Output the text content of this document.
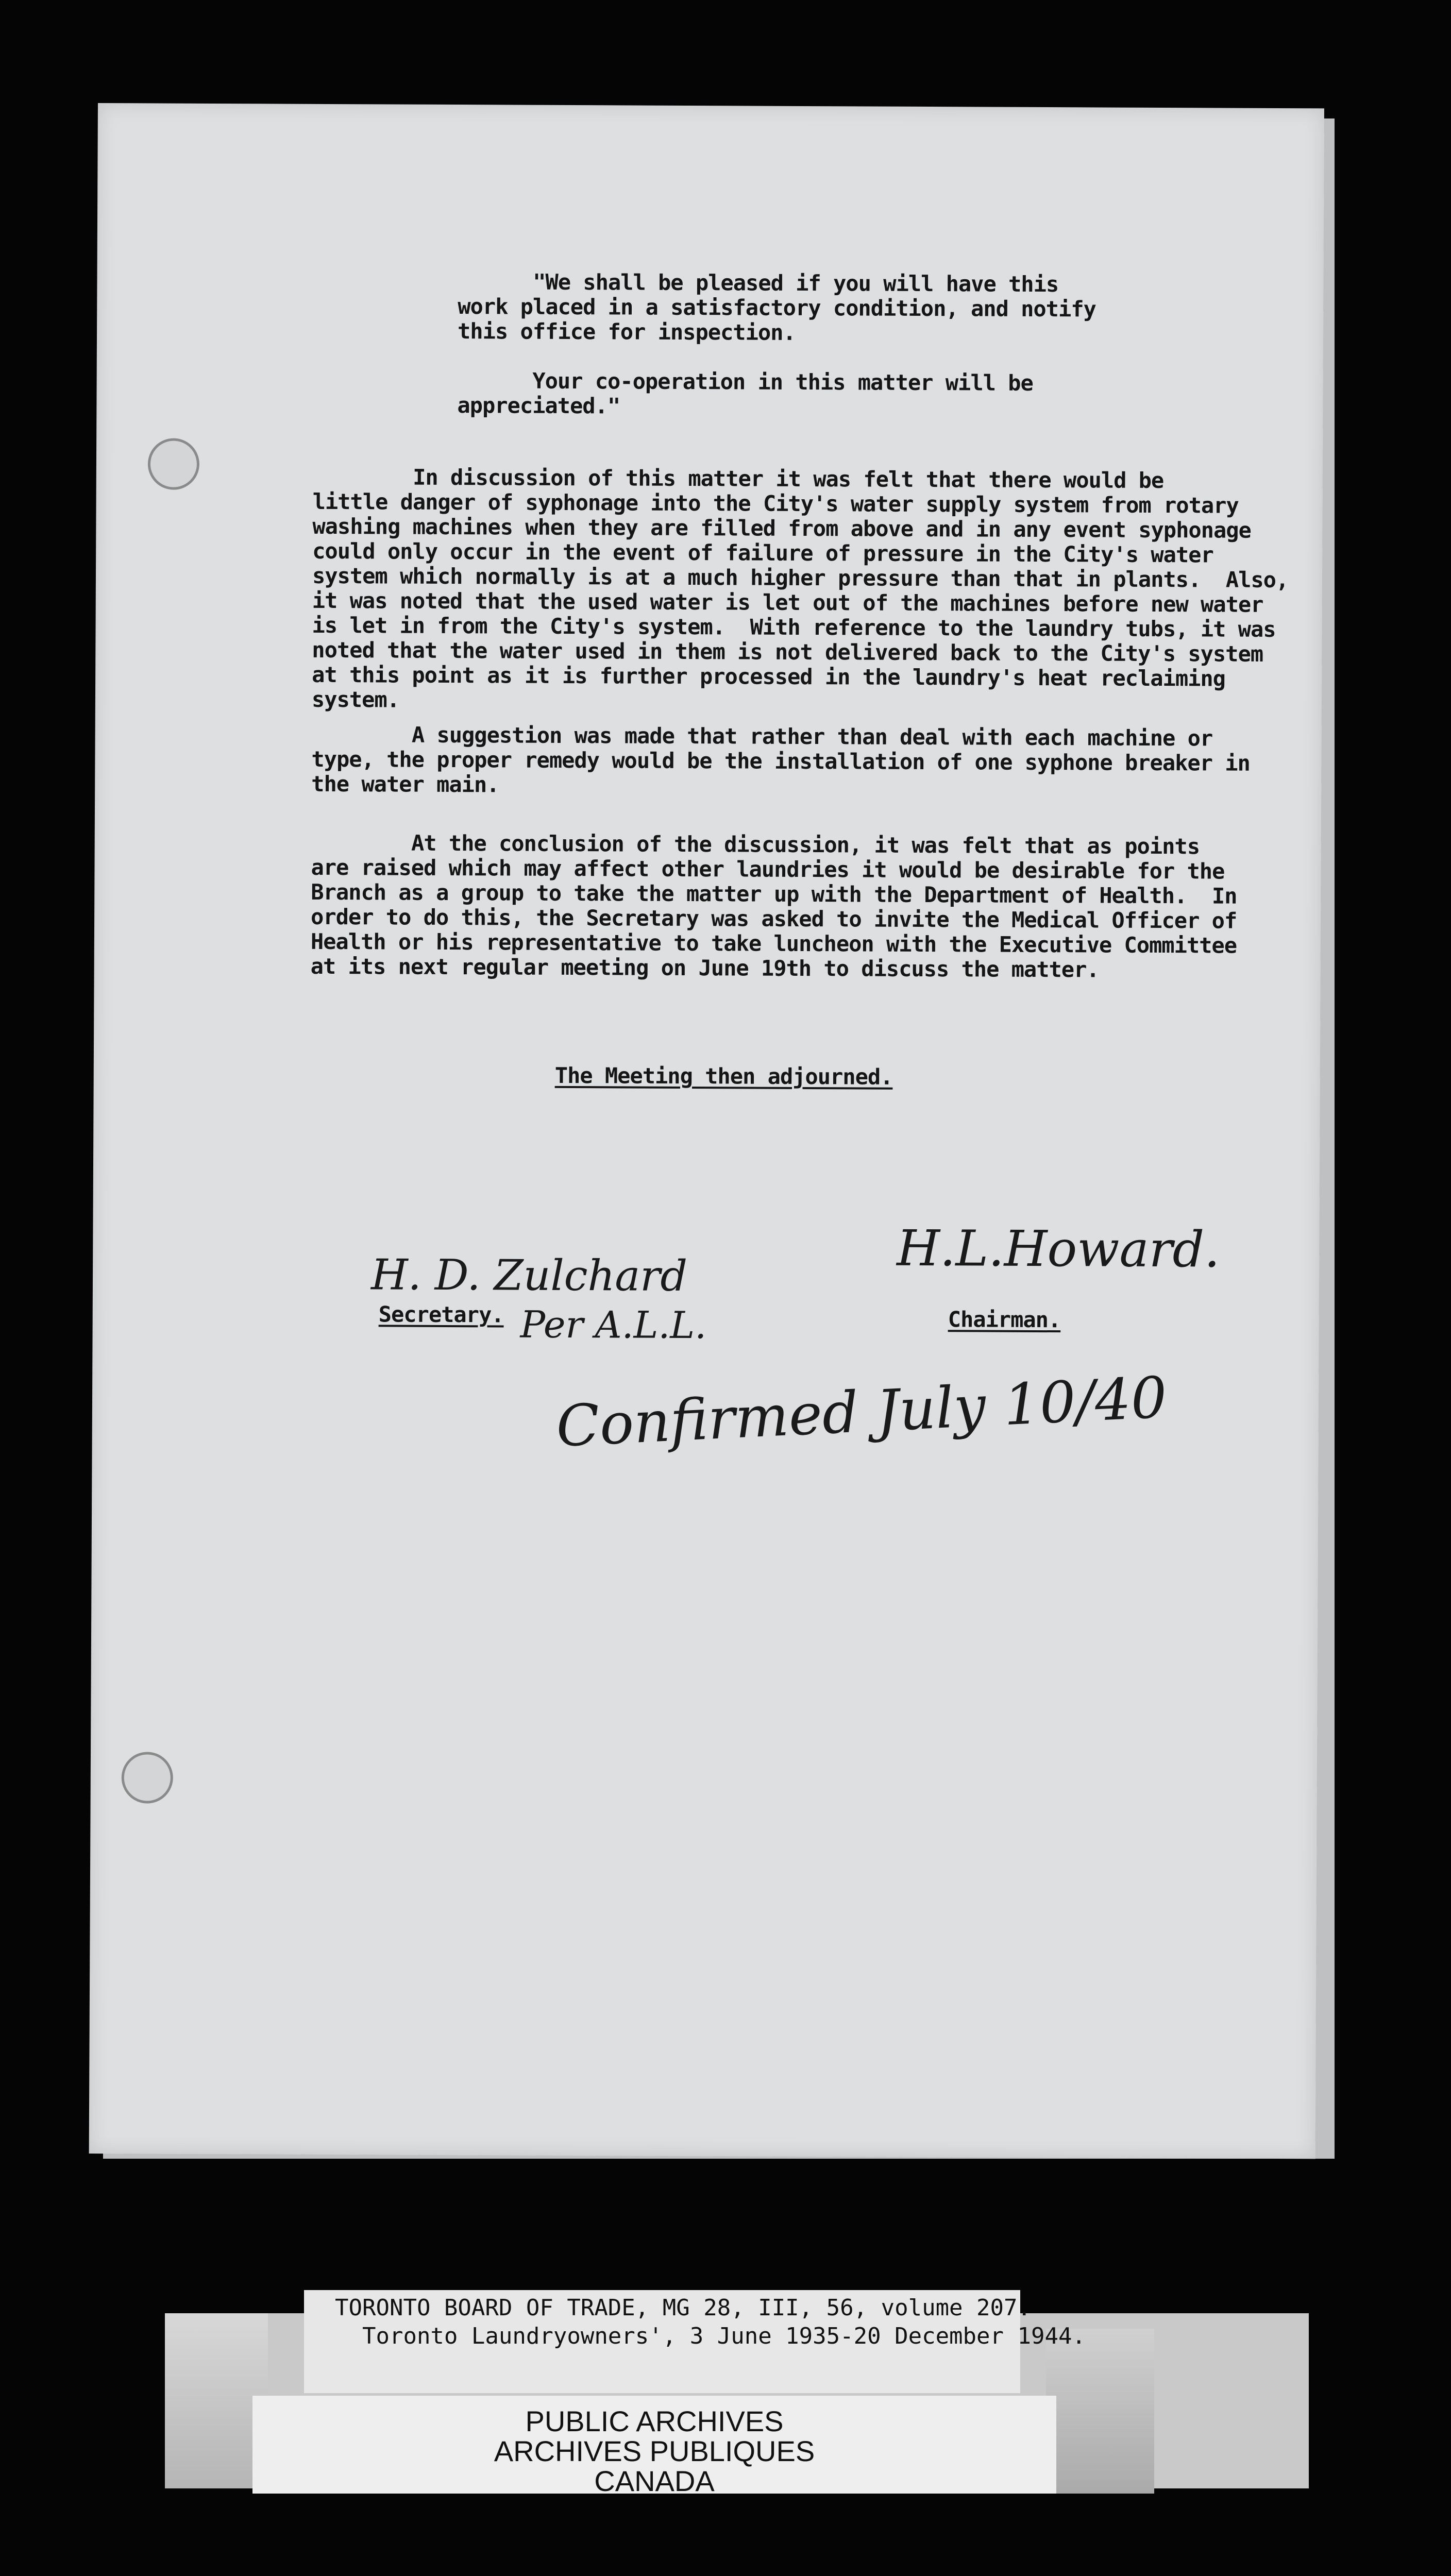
"We shall be pleased if you will have this
work placed in a satisfactory condition, and notify
this office for inspection.

Your co-operation in this matter will be
appreciated."
In discussion of this matter it was felt that there would be
little danger of syphonage into the City's water supply system from rotary
washing machines when they are filled from above and in any event syphonage
could only occur in the event of failure of pressure in the City's water
system which normally is at a much higher pressure than that in plants.  Also,
it was noted that the used water is let out of the machines before new water
is let in from the City's system.  With reference to the laundry tubs, it was
noted that the water used in them is not delivered back to the City's system
at this point as it is further processed in the laundry's heat reclaiming
system.
A suggestion was made that rather than deal with each machine or
type, the proper remedy would be the installation of one syphone breaker in
the water main.
At the conclusion of the discussion, it was felt that as points
are raised which may affect other laundries it would be desirable for the
Branch as a group to take the matter up with the Department of Health.  In
order to do this, the Secretary was asked to invite the Medical Officer of
Health or his representative to take luncheon with the Executive Committee
at its next regular meeting on June 19th to discuss the matter.
The Meeting then adjourned.
H. D. Zulchard
Secretary. Per A.L.L.
H.L.Howard.
Chairman.
Confirmed July 10/40
TORONTO BOARD OF TRADE, MG 28, III, 56, volume 207.
Toronto Laundryowners', 3 June 1935-20 December 1944.
PUBLIC ARCHIVES
ARCHIVES PUBLIQUES
CANADA
